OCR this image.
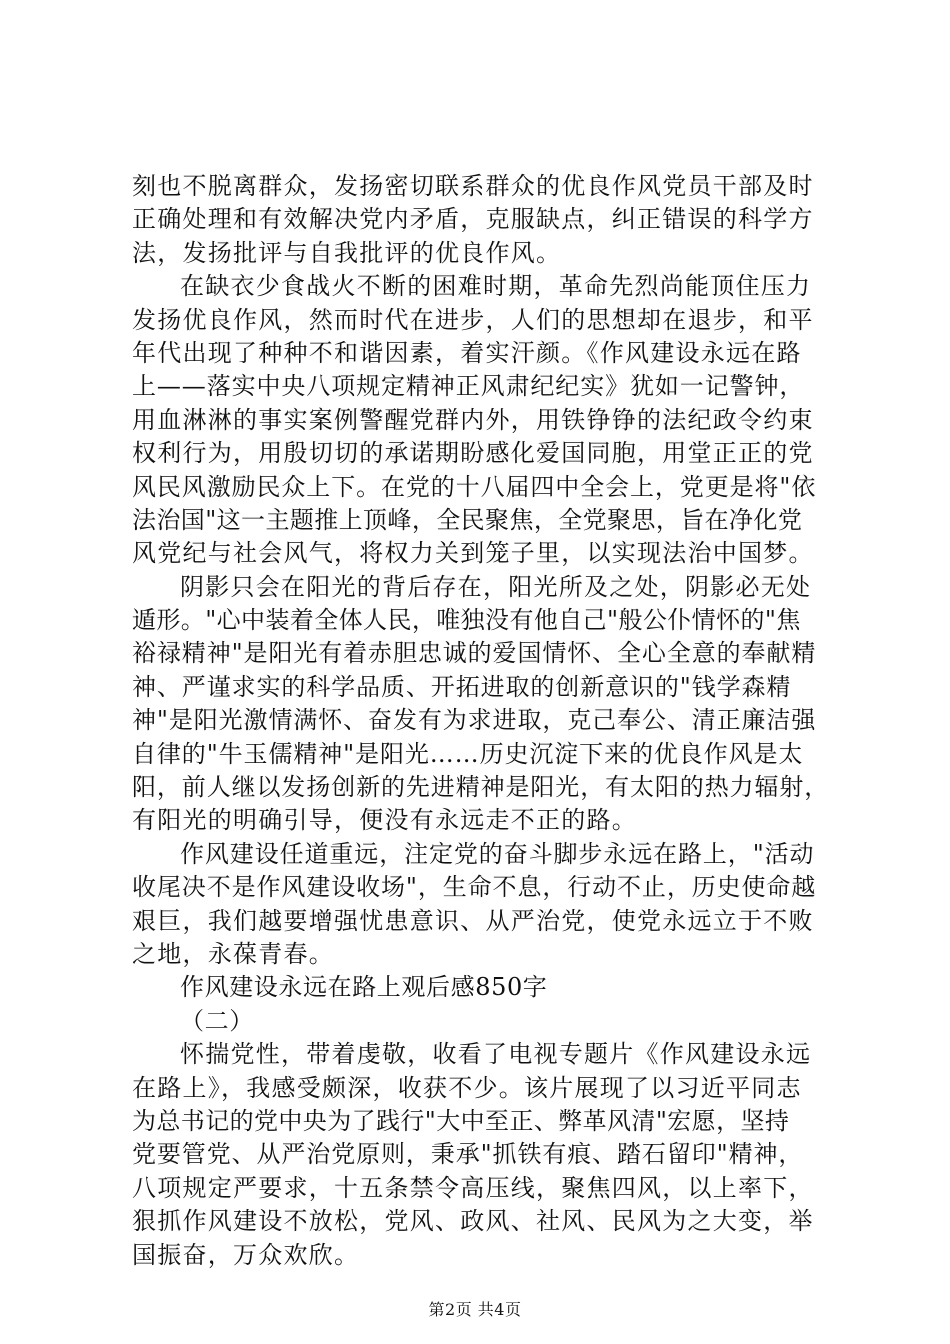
刻也不脱离群众，发扬密切联系群众的优良作风党员干部及时
正确处理和有效解决党内矛盾，克服缺点，纠正错误的科学方
法，发扬批评与自我批评的优良作风。
在缺衣少食战火不断的困难时期，革命先烈尚能顶住压力
发扬优良作风，然而时代在进步，人们的思想却在退步，和平
年代出现了种种不和谐因素，着实汗颜。《作风建设永远在路
上——落实中央八项规定精神正风肃纪纪实》犹如一记警钟，
用血淋淋的事实案例警醒党群内外，用铁铮铮的法纪政令约束
权利行为，用殷切切的承诺期盼感化爱国同胞，用堂正正的党
风民风激励民众上下。在党的十八届四中全会上，党更是将"依
法治国"这一主题推上顶峰，全民聚焦，全党聚思，旨在净化党
风党纪与社会风气，将权力关到笼子里，以实现法治中国梦。
阴影只会在阳光的背后存在，阳光所及之处，阴影必无处
遁形。"心中装着全体人民，唯独没有他自己"般公仆情怀的"焦
裕禄精神"是阳光有着赤胆忠诚的爱国情怀、全心全意的奉献精
神、严谨求实的科学品质、开拓进取的创新意识的"钱学森精
神"是阳光激情满怀、奋发有为求进取，克己奉公、清正廉洁强
自律的"牛玉儒精神"是阳光……历史沉淀下来的优良作风是太
阳，前人继以发扬创新的先进精神是阳光，有太阳的热力辐射，
有阳光的明确引导，便没有永远走不正的路。
作风建设任道重远，注定党的奋斗脚步永远在路上，"活动
收尾决不是作风建设收场"，生命不息，行动不止，历史使命越
艰巨，我们越要增强忧患意识、从严治党，使党永远立于不败
之地，永葆青春。
作风建设永远在路上观后感850字
（二）
怀揣党性，带着虔敬，收看了电视专题片《作风建设永远
在路上》，我感受颇深，收获不少。该片展现了以习近平同志
为总书记的党中央为了践行"大中至正、弊革风清"宏愿，坚持
党要管党、从严治党原则，秉承"抓铁有痕、踏石留印"精神，
八项规定严要求，十五条禁令高压线，聚焦四风，以上率下，
狠抓作风建设不放松，党风、政风、社风、民风为之大变，举
国振奋，万众欢欣。
第2页 共4页
